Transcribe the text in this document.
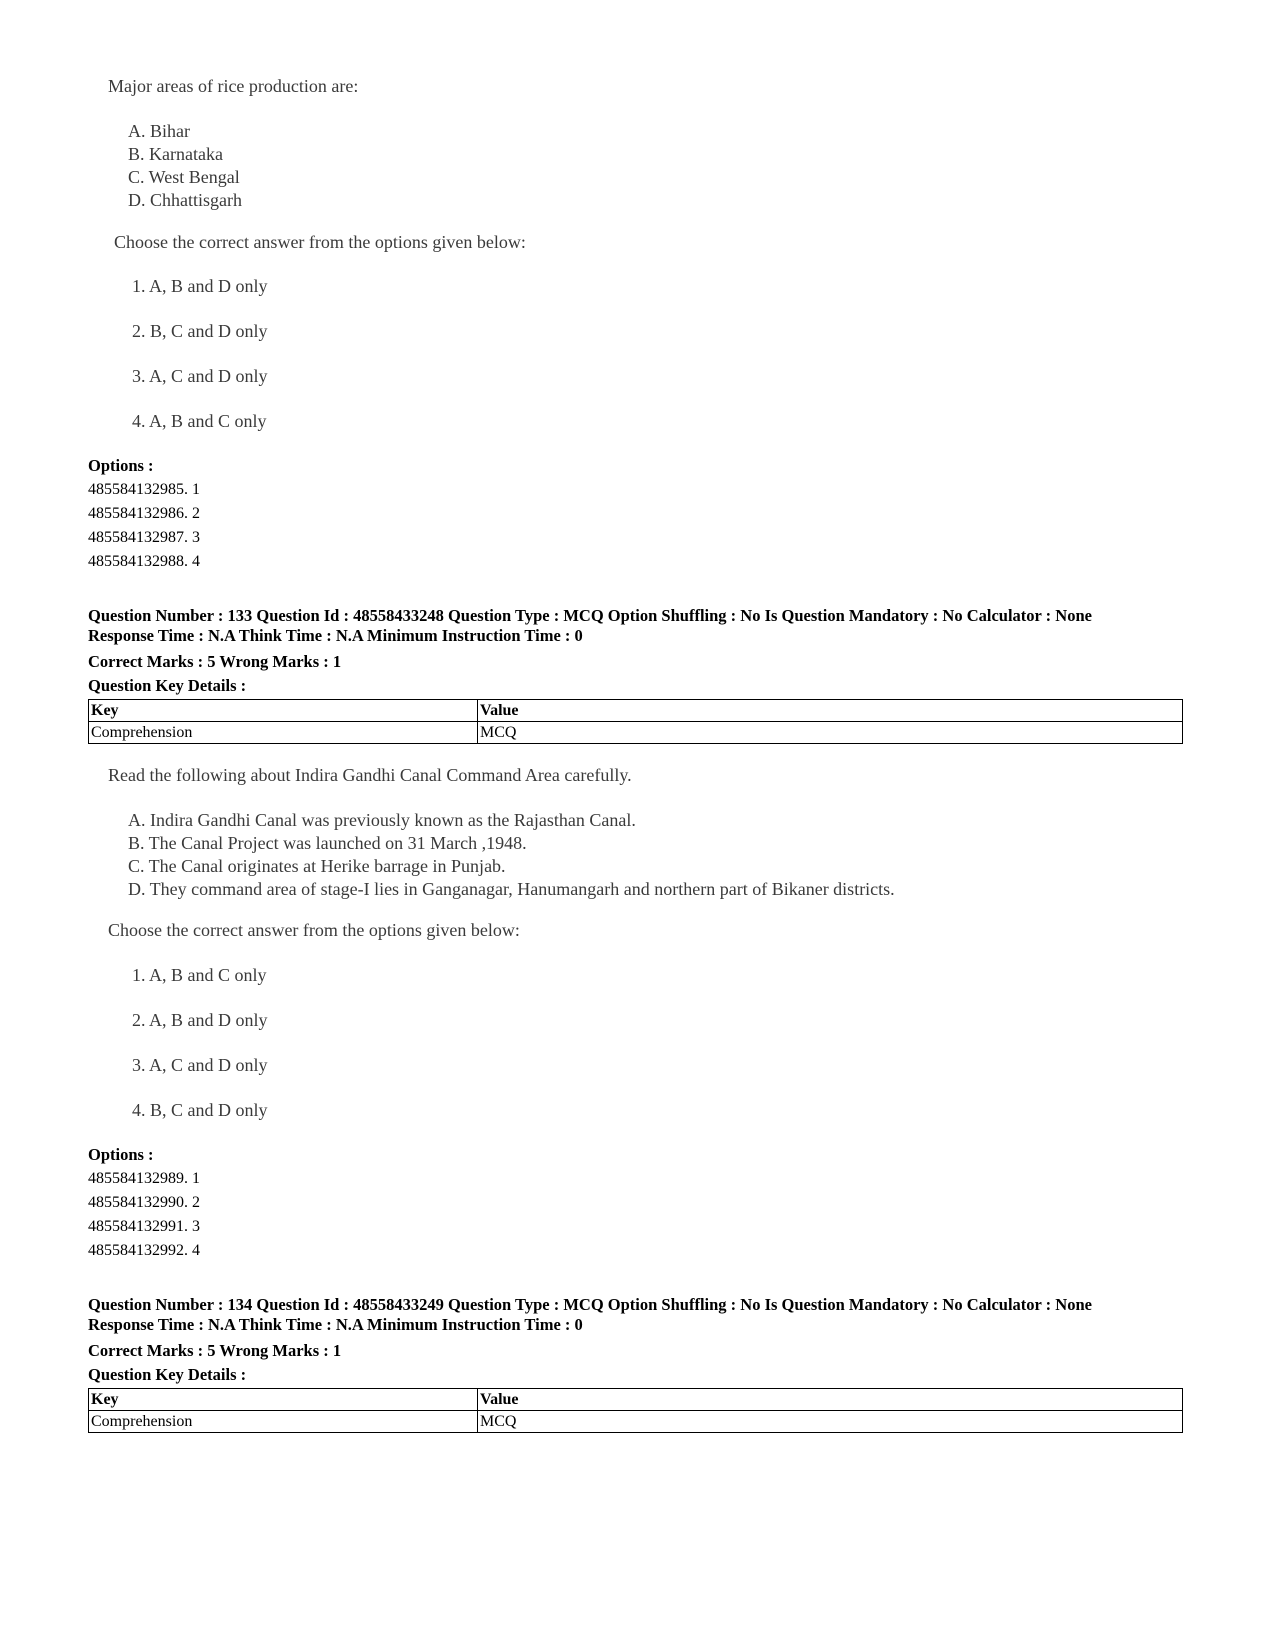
Major areas of rice production are:
A. Bihar
B. Karnataka
C. West Bengal
D. Chhattisgarh
Choose the correct answer from the options given below:
1. A, B and D only
2. B, C and D only
3. A, C and D only
4. A, B and C only
Options :
485584132985. 1
485584132986. 2
485584132987. 3
485584132988. 4
Question Number : 133 Question Id : 48558433248 Question Type : MCQ Option Shuffling : No Is Question Mandatory : No Calculator : None
Response Time : N.A Think Time : N.A Minimum Instruction Time : 0
Correct Marks : 5 Wrong Marks : 1
Question Key Details :
Key	Value
Comprehension	MCQ
Read the following about Indira Gandhi Canal Command Area carefully.
A. Indira Gandhi Canal was previously known as the Rajasthan Canal.
B. The Canal Project was launched on 31 March ,1948.
C. The Canal originates at Herike barrage in Punjab.
D. They command area of stage-I lies in Ganganagar, Hanumangarh and northern part of Bikaner districts.
Choose the correct answer from the options given below:
1. A, B and C only
2. A, B and D only
3. A, C and D only
4. B, C and D only
Options :
485584132989. 1
485584132990. 2
485584132991. 3
485584132992. 4
Question Number : 134 Question Id : 48558433249 Question Type : MCQ Option Shuffling : No Is Question Mandatory : No Calculator : None
Response Time : N.A Think Time : N.A Minimum Instruction Time : 0
Correct Marks : 5 Wrong Marks : 1
Question Key Details :
Key	Value
Comprehension	MCQ
